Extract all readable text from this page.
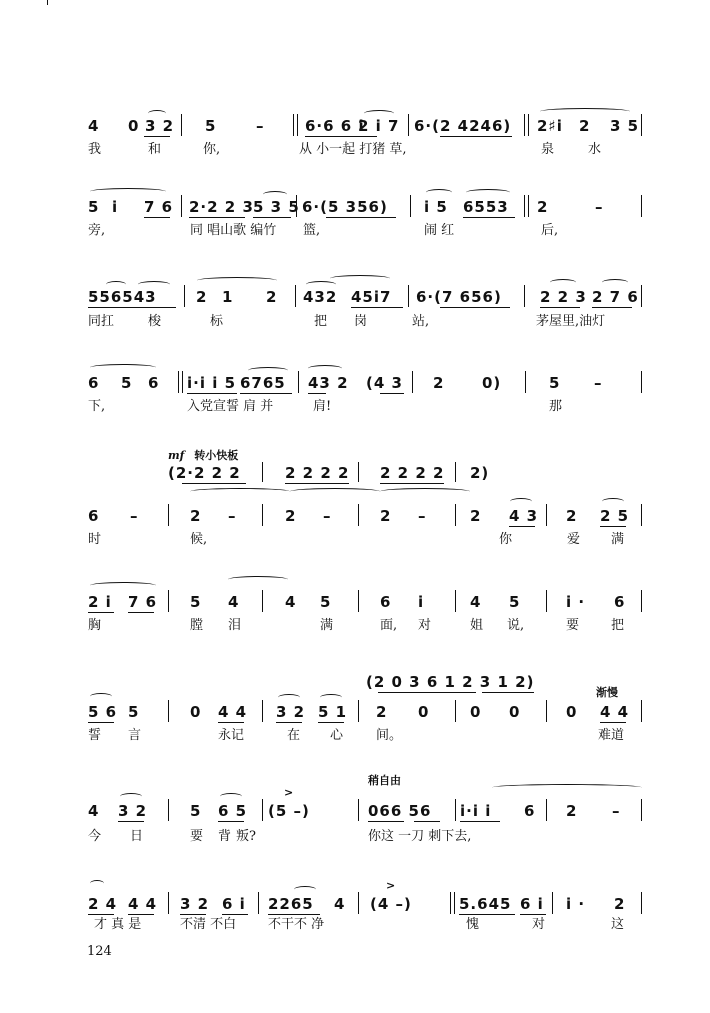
4 0 3 2 5	–	6·6 6 i
2 i 7 6·(2 4246) 2♯i 2 3 5
我	和	你,	从 小一起 打猪 草,	泉	水
5 i 7 6 2·2 2 3 5 3 5 6·(5 356) i 5 6553 2	–
旁,	同 唱山歌 编竹 篮,	闹 红	后,
556543	2 1 2 432 45i7 6·(7 656)	2 2 3 2 7 6
同扛	梭	标	把 岗	站,	茅屋里,油灯
6 5 6 i·i i 5 6765 43 2 (4 3 2	0)	5 –
下,	入党宣誓 肩 并	肩!	那
mf 转小快板
(2·2 2 2	2 2 2 2 2 2 2 2 2)
6 –	2 –	2 –	2 –	2 4 3 2 2 5
时	候,	你	爱 满
2 i 7 6 5 4	4 5	6 i	4 5	i · 6
胸	膛 泪	满	面, 对	姐 说,	要 把
(2 0 3 6 1 2 3 1 2)
渐慢
5 6 5	0 4 4 3 2 5 1 2 0	0 0	0 4 4
誓 言	永记	在 心	间。	难道
稍自由
4 3 2	5 6 5 (5 –)
>
066 56 i·i i 6 2 –
今 日	要 背 叛?	你这 一刀 刺下去,
2 4 4 4 3 2 6 i 2265 4 (4 –)
>
5.645 6 i i · 2
才 真 是	不清 不白 不干不 净	愧	对	这
124
